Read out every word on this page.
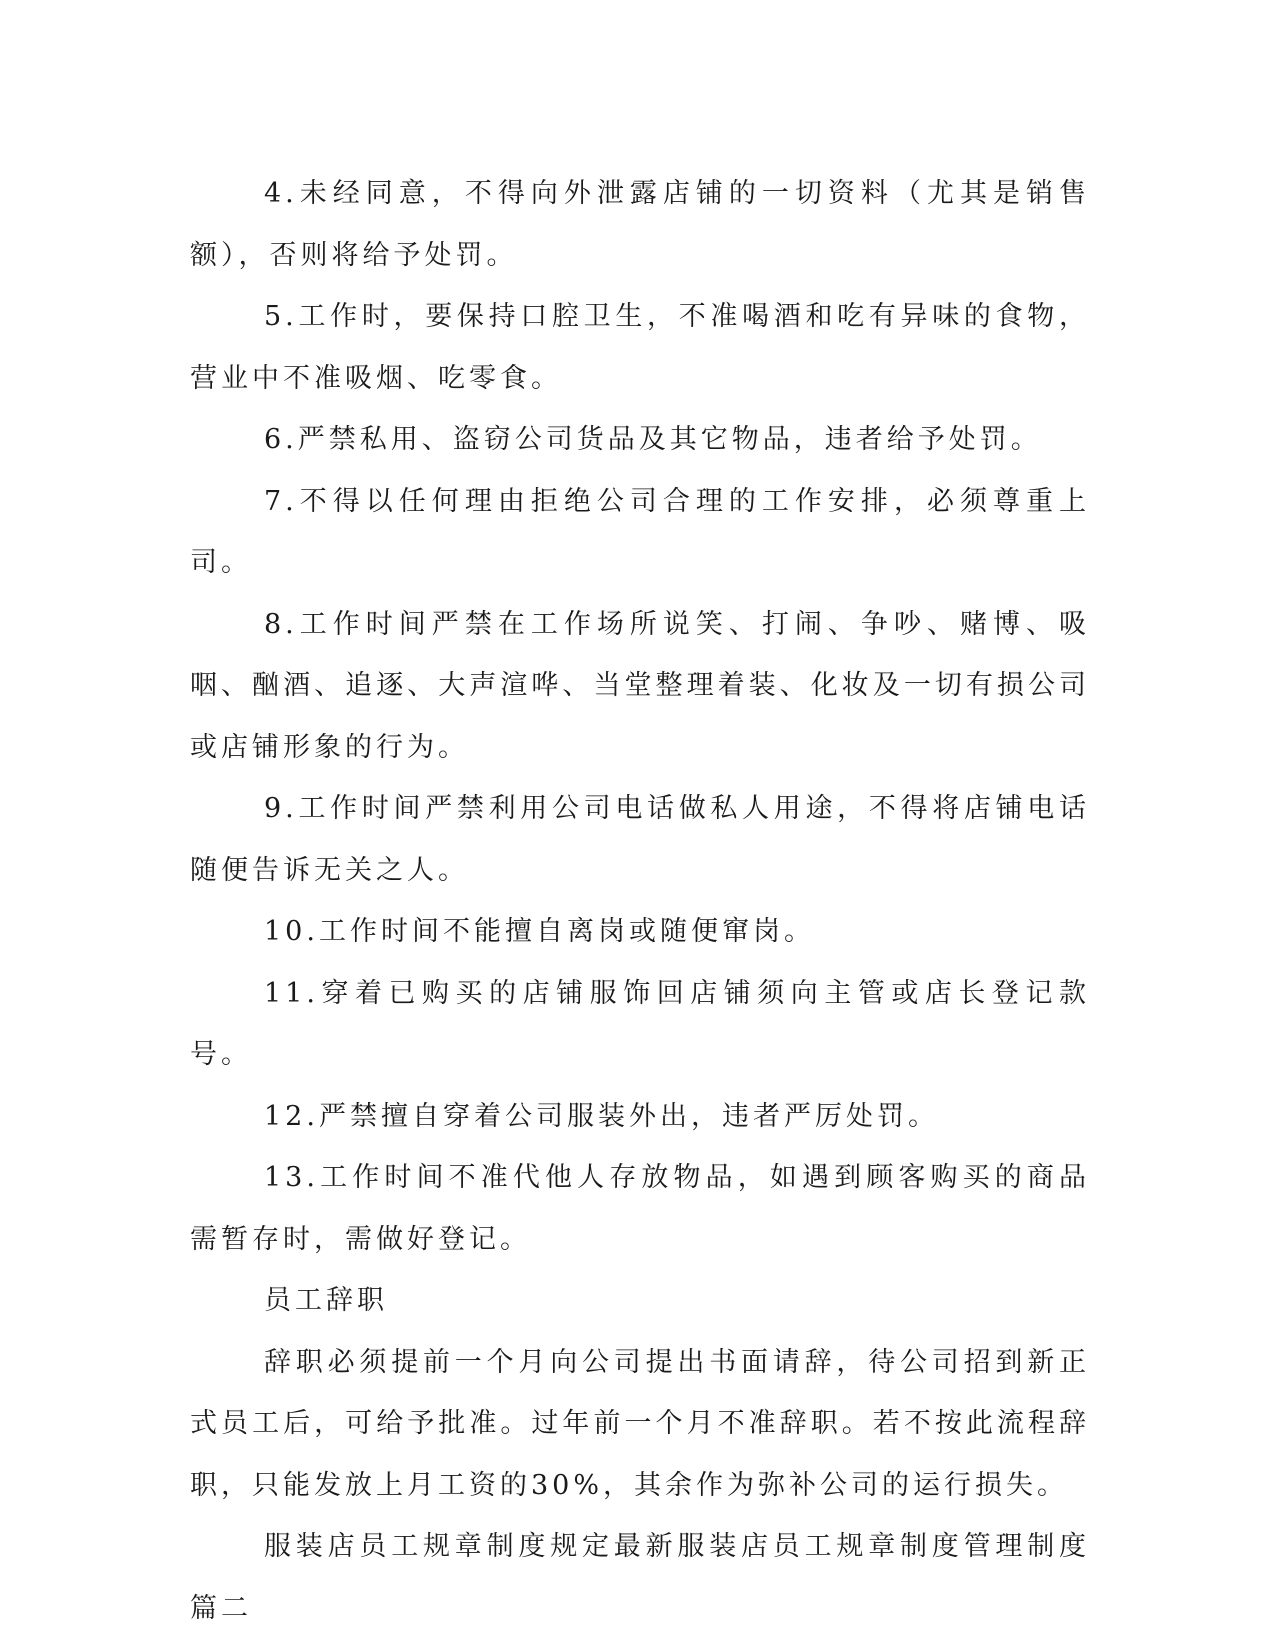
4.未经同意，不得向外泄露店铺的一切资料（尤其是销售额），否则将给予处罚。

5.工作时，要保持口腔卫生，不准喝酒和吃有异味的食物，营业中不准吸烟、吃零食。

6.严禁私用、盗窃公司货品及其它物品，违者给予处罚。

7.不得以任何理由拒绝公司合理的工作安排，必须尊重上司。

8.工作时间严禁在工作场所说笑、打闹、争吵、赌博、吸咽、酗酒、追逐、大声渲哗、当堂整理着装、化妆及一切有损公司或店铺形象的行为。

9.工作时间严禁利用公司电话做私人用途，不得将店铺电话随便告诉无关之人。

10.工作时间不能擅自离岗或随便窜岗。

11.穿着已购买的店铺服饰回店铺须向主管或店长登记款号。

12.严禁擅自穿着公司服装外出，违者严厉处罚。

13.工作时间不准代他人存放物品，如遇到顾客购买的商品需暂存时，需做好登记。

员工辞职

辞职必须提前一个月向公司提出书面请辞，待公司招到新正式员工后，可给予批准。过年前一个月不准辞职。若不按此流程辞职，只能发放上月工资的30%，其余作为弥补公司的运行损失。

服装店员工规章制度规定最新服装店员工规章制度管理制度篇二
